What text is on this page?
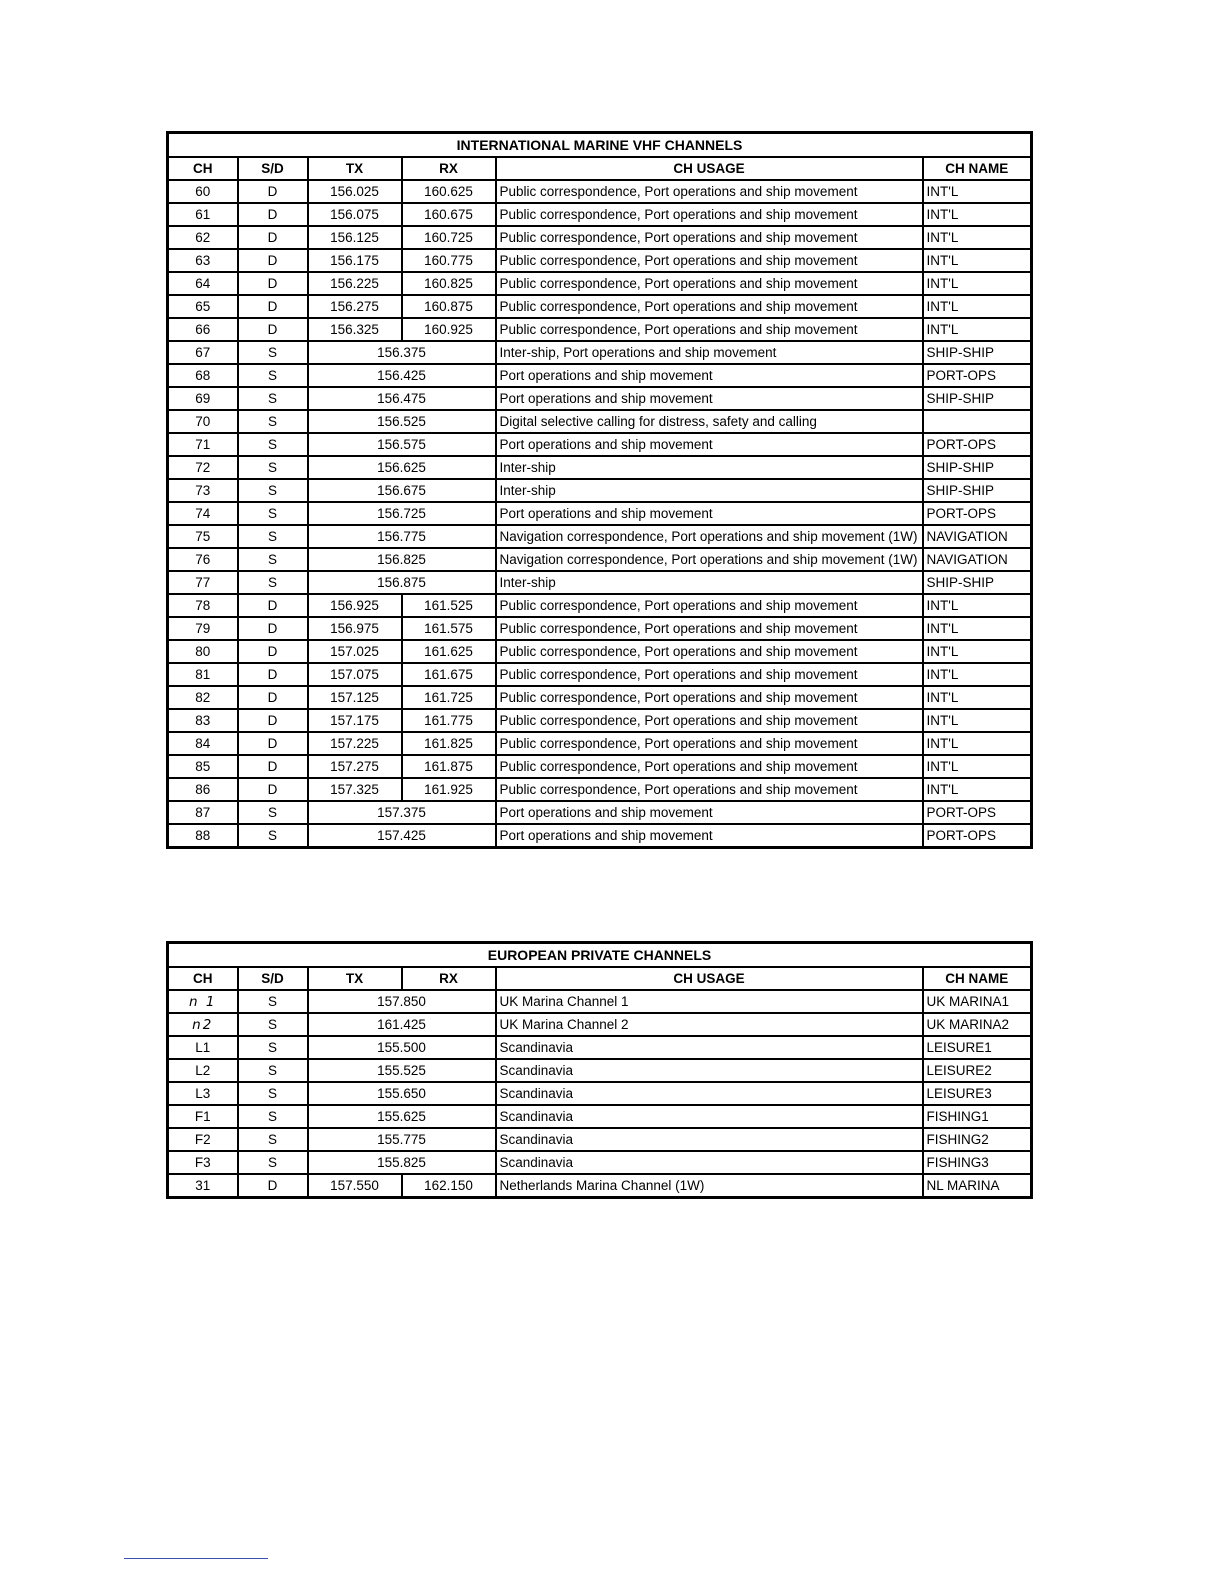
INTERNATIONAL MARINE VHF CHANNELS					
CH	S/D	TX	RX	CH USAGE	CH NAME
60	D	156.025	160.625	Public correspondence, Port operations and ship movement	INT'L
61	D	156.075	160.675	Public correspondence, Port operations and ship movement	INT'L
62	D	156.125	160.725	Public correspondence, Port operations and ship movement	INT'L
63	D	156.175	160.775	Public correspondence, Port operations and ship movement	INT'L
64	D	156.225	160.825	Public correspondence, Port operations and ship movement	INT'L
65	D	156.275	160.875	Public correspondence, Port operations and ship movement	INT'L
66	D	156.325	160.925	Public correspondence, Port operations and ship movement	INT'L
67	S	156.375		Inter-ship, Port operations and ship movement	SHIP-SHIP
68	S	156.425		Port operations and ship movement	PORT-OPS
69	S	156.475		Port operations and ship movement	SHIP-SHIP
70	S	156.525		Digital selective calling for distress, safety and calling	
71	S	156.575		Port operations and ship movement	PORT-OPS
72	S	156.625		Inter-ship	SHIP-SHIP
73	S	156.675		Inter-ship	SHIP-SHIP
74	S	156.725		Port operations and ship movement	PORT-OPS
75	S	156.775		Navigation correspondence, Port operations and ship movement (1W)	NAVIGATION
76	S	156.825		Navigation correspondence, Port operations and ship movement (1W)	NAVIGATION
77	S	156.875		Inter-ship	SHIP-SHIP
78	D	156.925	161.525	Public correspondence, Port operations and ship movement	INT'L
79	D	156.975	161.575	Public correspondence, Port operations and ship movement	INT'L
80	D	157.025	161.625	Public correspondence, Port operations and ship movement	INT'L
81	D	157.075	161.675	Public correspondence, Port operations and ship movement	INT'L
82	D	157.125	161.725	Public correspondence, Port operations and ship movement	INT'L
83	D	157.175	161.775	Public correspondence, Port operations and ship movement	INT'L
84	D	157.225	161.825	Public correspondence, Port operations and ship movement	INT'L
85	D	157.275	161.875	Public correspondence, Port operations and ship movement	INT'L
86	D	157.325	161.925	Public correspondence, Port operations and ship movement	INT'L
87	S	157.375		Port operations and ship movement	PORT-OPS
88	S	157.425		Port operations and ship movement	PORT-OPS
EUROPEAN PRIVATE CHANNELS					
CH	S/D	TX	RX	CH USAGE	CH NAME
n 1	S	157.850		UK Marina Channel 1	UK MARINA1
n2	S	161.425		UK Marina Channel 2	UK MARINA2
L1	S	155.500		Scandinavia	LEISURE1
L2	S	155.525		Scandinavia	LEISURE2
L3	S	155.650		Scandinavia	LEISURE3
F1	S	155.625		Scandinavia	FISHING1
F2	S	155.775		Scandinavia	FISHING2
F3	S	155.825		Scandinavia	FISHING3
31	D	157.550	162.150	Netherlands Marina Channel (1W)	NL MARINA
